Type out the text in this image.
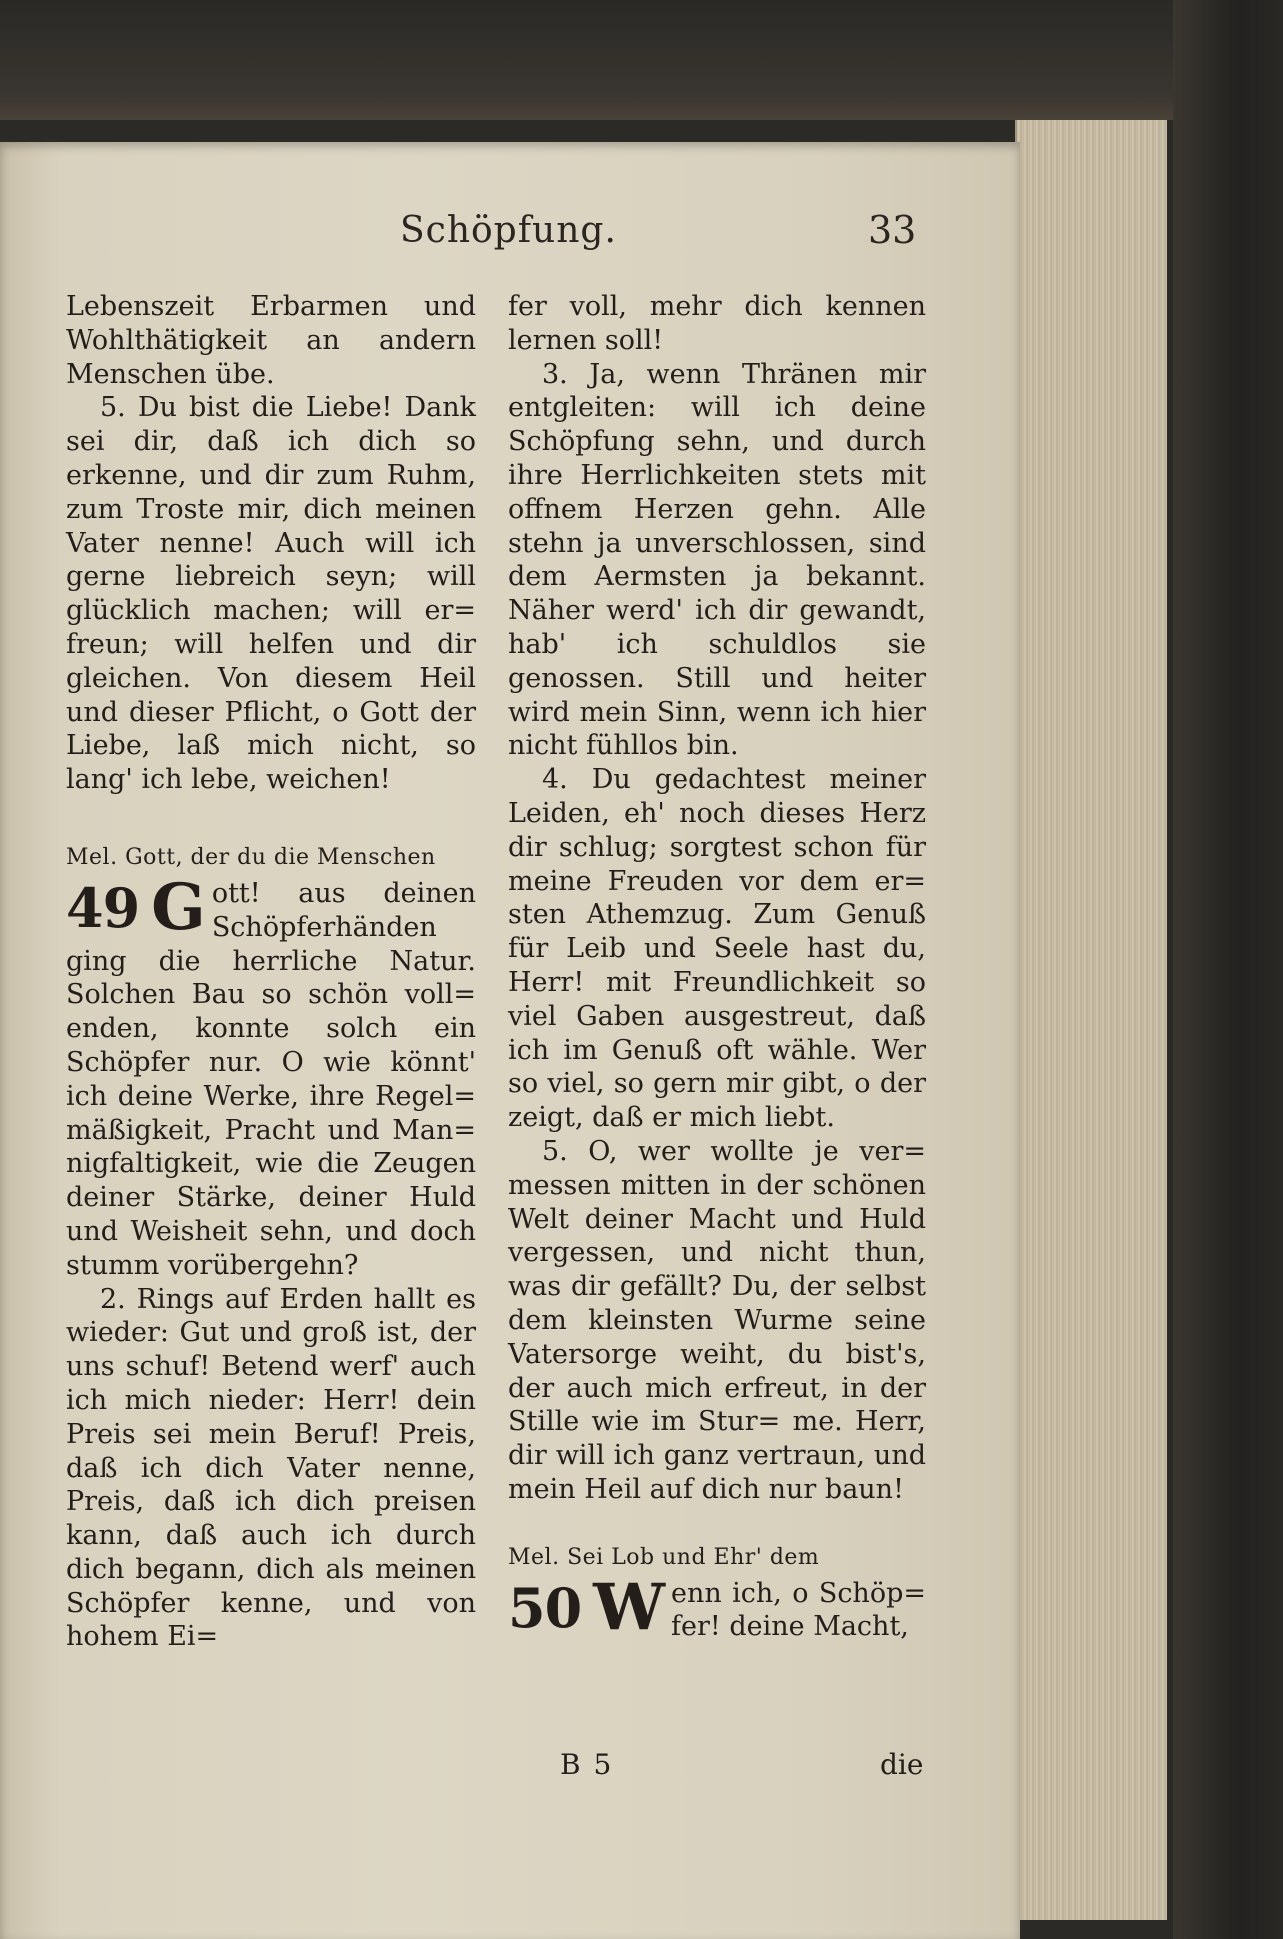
Schöpfung.	33

Lebenszeit Erbarmen und Wohlthätigkeit an andern Menschen übe.

5. Du bist die Liebe! Dank sei dir, daß ich dich so erkenne, und dir zum Ruhm, zum Troste mir, dich meinen Vater nenne! Auch will ich gerne liebreich seyn; will glücklich machen; will er= freun; will helfen und dir gleichen. Von diesem Heil und dieser Pflicht, o Gott der Liebe, laß mich nicht, so lang' ich lebe, weichen!

Mel. Gott, der du die Menschen

49 G ott! aus deinen Schöpferhänden ging die herrliche Natur. Solchen Bau so schön voll= enden, konnte solch ein Schöpfer nur. O wie könnt' ich deine Werke, ihre Regel= mäßigkeit, Pracht und Man= nigfaltigkeit, wie die Zeugen deiner Stärke, deiner Huld und Weisheit sehn, und doch stumm vorübergehn?

2. Rings auf Erden hallt es wieder: Gut und groß ist, der uns schuf! Betend werf' auch ich mich nieder: Herr! dein Preis sei mein Beruf! Preis, daß ich dich Vater nenne, Preis, daß ich dich preisen kann, daß auch ich durch dich begann, dich als meinen Schöpfer kenne, und von hohem Ei=

fer voll, mehr dich kennen lernen soll!

3. Ja, wenn Thränen mir entgleiten: will ich deine Schöpfung sehn, und durch ihre Herrlichkeiten stets mit offnem Herzen gehn. Alle stehn ja unverschlossen, sind dem Aermsten ja bekannt. Näher werd' ich dir gewandt, hab' ich schuldlos sie genossen. Still und heiter wird mein Sinn, wenn ich hier nicht fühllos bin.

4. Du gedachtest meiner Leiden, eh' noch dieses Herz dir schlug; sorgtest schon für meine Freuden vor dem er= sten Athemzug. Zum Genuß für Leib und Seele hast du, Herr! mit Freundlichkeit so viel Gaben ausgestreut, daß ich im Genuß oft wähle. Wer so viel, so gern mir gibt, o der zeigt, daß er mich liebt.

5. O, wer wollte je ver= messen mitten in der schönen Welt deiner Macht und Huld vergessen, und nicht thun, was dir gefällt? Du, der selbst dem kleinsten Wurme seine Vatersorge weiht, du bist's, der auch mich erfreut, in der Stille wie im Stur= me. Herr, dir will ich ganz vertraun, und mein Heil auf dich nur baun!

Mel. Sei Lob und Ehr' dem

50 W enn ich, o Schöp= fer! deine Macht,
B 5	die
